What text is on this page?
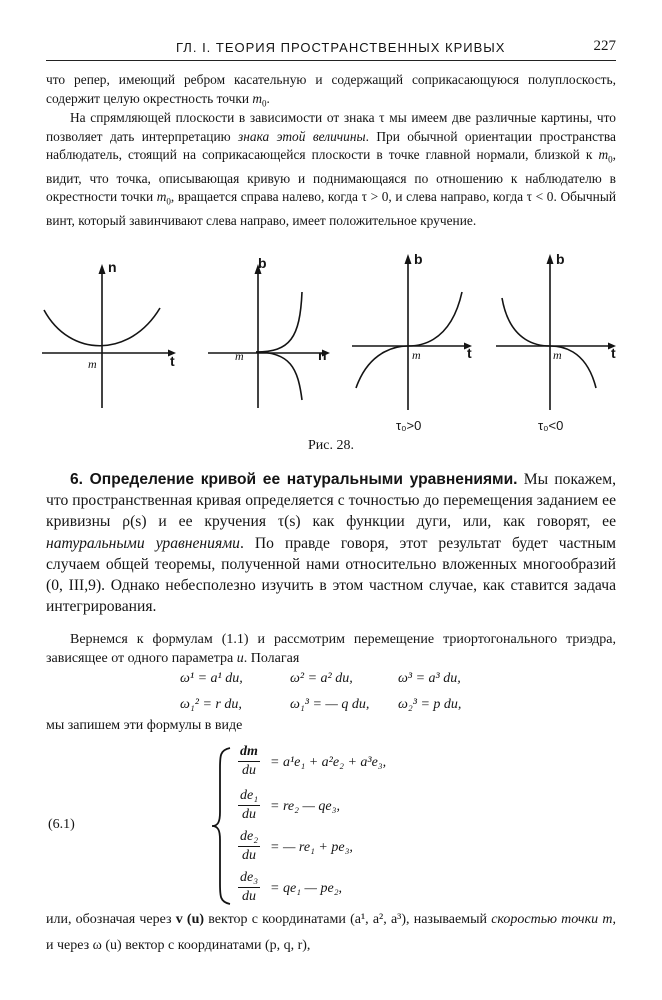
ГЛ. I. ТЕОРИЯ ПРОСТРАНСТВЕННЫХ КРИВЫХ	227
что репер, имеющий ребром касательную и содержащий соприкасающуюся полуплоскость, содержит целую окрестность точки $m_0$.
На спрямляющей плоскости в зависимости от знака τ мы имеем две различные картины, что позволяет дать интерпретацию знака этой величины. При обычной ориентации пространства наблюдатель, стоящий на соприкасающейся плоскости в точке главной нормали, близкой к $m_0$, видит, что точка, описывающая кривую и поднимающаяся по отношению к наблюдателю в окрестности точки $m_0$, вращается справа налево, когда τ > 0, и слева направо, когда τ < 0. Обычный винт, который завинчивают слева направо, имеет положительное кручение.
n
t
m
b
n
m
b
t
m
τ₀>0
b
t
m
τ₀<0
Рис. 28.
6. Определение кривой ее натуральными уравнениями. Мы покажем, что пространственная кривая определяется с точностью до перемещения заданием ее кривизны ρ(s) и ее кручения τ(s) как функции дуги, или, как говорят, ее натуральными уравнениями. По правде говоря, этот результат будет частным случаем общей теоремы, полученной нами относительно вложенных многообразий (0, III,9). Однако небесполезно изучить в этом частном случае, как ставится задача интегрирования.
Вернемся к формулам (1.1) и рассмотрим перемещение триортогонального триэдра, зависящее от одного параметра u. Полагая
ω¹ = a¹ du,	ω² = a² du,	ω³ = a³ du,
ω₁² = r du,	ω₁³ = — q du, ω₂³ = p du,
мы запишем эти формулы в виде
(6.1)
$\frac{dm}{du} = a^1e_1 + a^2e_2 + a^3e_3$,
$\frac{\text{de₁}}{du} = re_2$ — qe₃,
$\frac{\text{de₂}}{du}$ = — re₁ + pe₃,
$\frac{\text{de₃}}{du} = qe_1$ — pe₂,
или, обозначая через v (u) вектор с координатами (a¹, a², a³), называемый скоростью точки m, и через ω (u) вектор с координатами (p, q, r),
